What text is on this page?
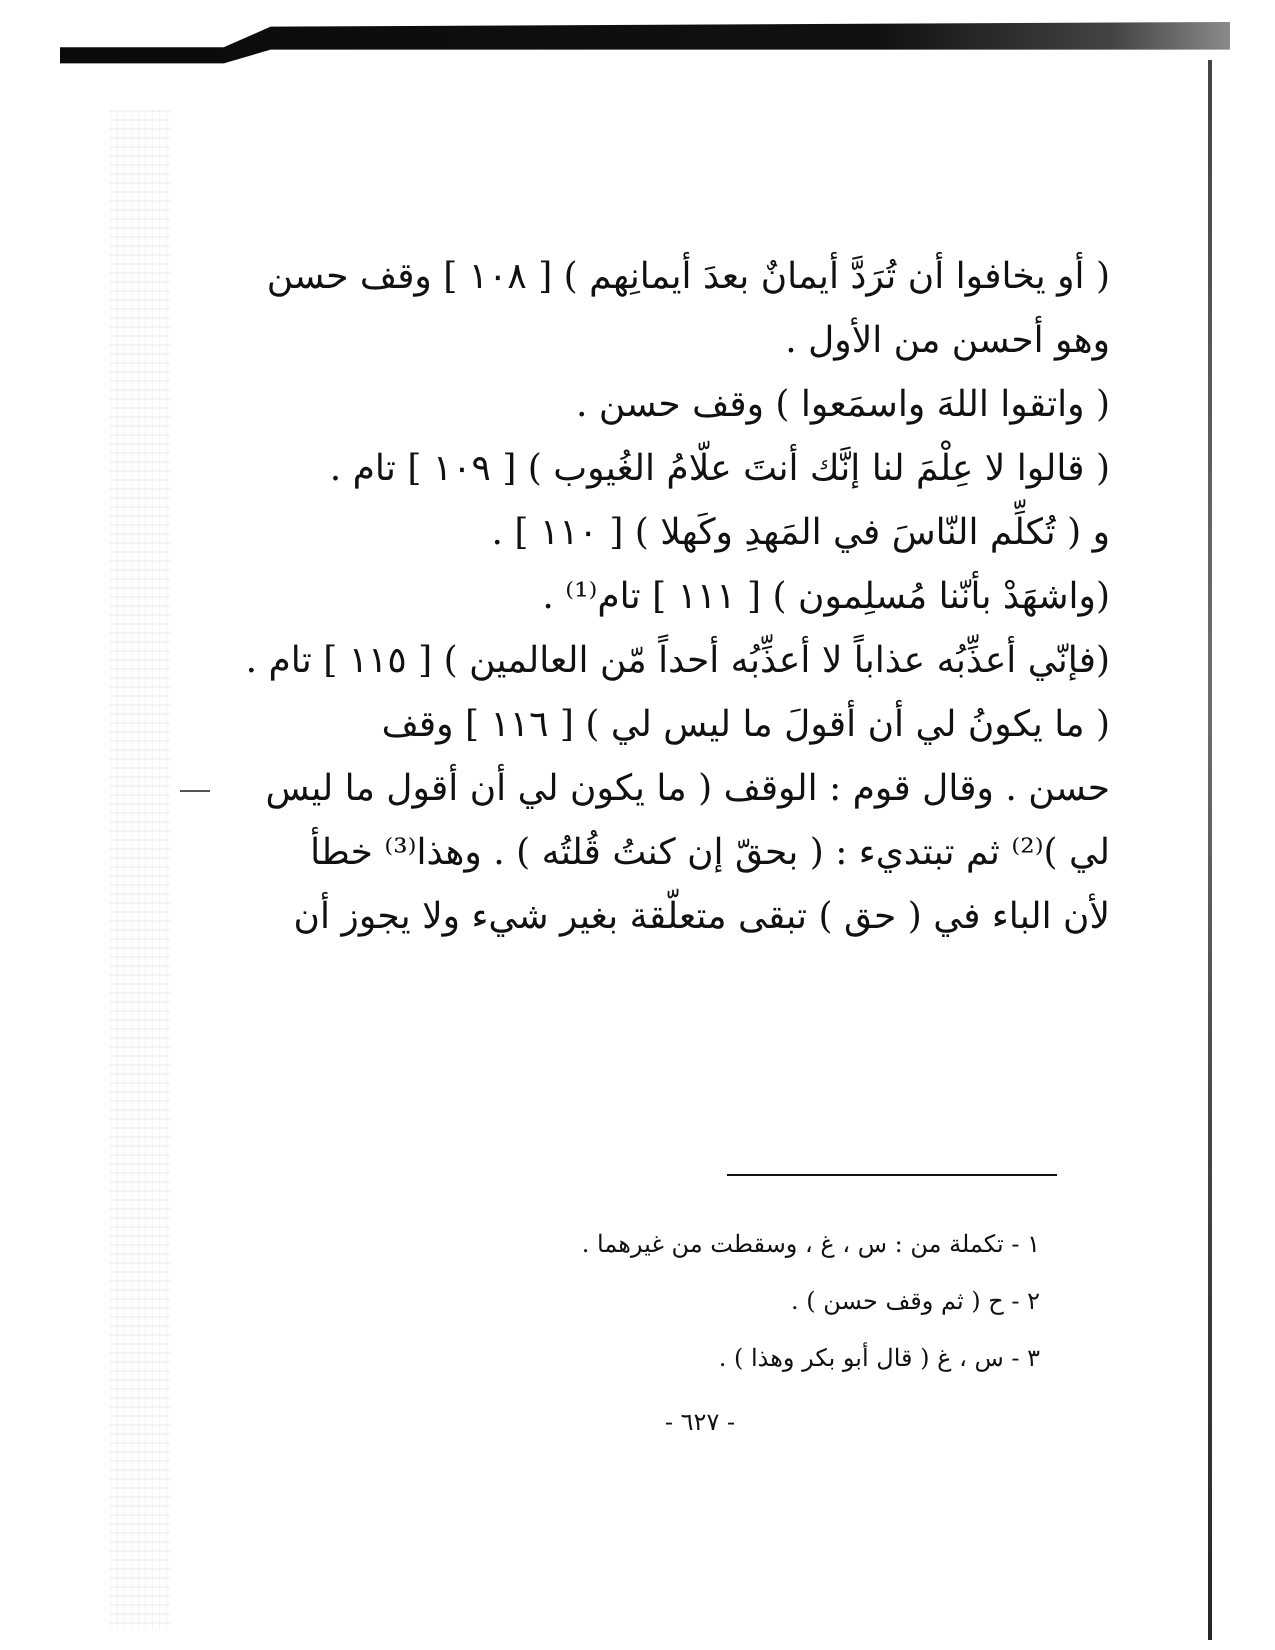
( أو يخافوا أن تُرَدَّ أيمانٌ بعدَ أيمانِهم ) [ ١٠٨ ] وقف حسن
وهو أحسن من الأول .
( واتقوا اللهَ واسمَعوا ) وقف حسن .
( قالوا لا عِلْمَ لنا إنَّك أنتَ علّامُ الغُيوب ) [ ١٠٩ ] تام .
و ( تُكلِّم النّاسَ في المَهدِ وكَهلا ) [ ١١٠ ] .
(واشهَدْ بأنّنا مُسلِمون ) [ ١١١ ] تام⁽¹⁾ .
(فإنّي أعذِّبُه عذاباً لا أعذِّبُه أحداً مّن العالمين ) [ ١١٥ ] تام .
( ما يكونُ لي أن أقولَ ما ليس لي ) [ ١١٦ ] وقف
حسن . وقال قوم : الوقف ( ما يكون لي أن أقول ما ليس
لي )⁽²⁾ ثم تبتديء : ( بحقّ إن كنتُ قُلتُه ) . وهذا⁽³⁾ خطأ
لأن الباء في ( حق ) تبقى متعلّقة بغير شيء ولا يجوز أن
١ - تكملة من : س ، غ ، وسقطت من غيرهما .
٢ - ح ( ثم وقف حسن ) .
٣ - س ، غ ( قال أبو بكر وهذا ) .
- ٦٢٧ -
